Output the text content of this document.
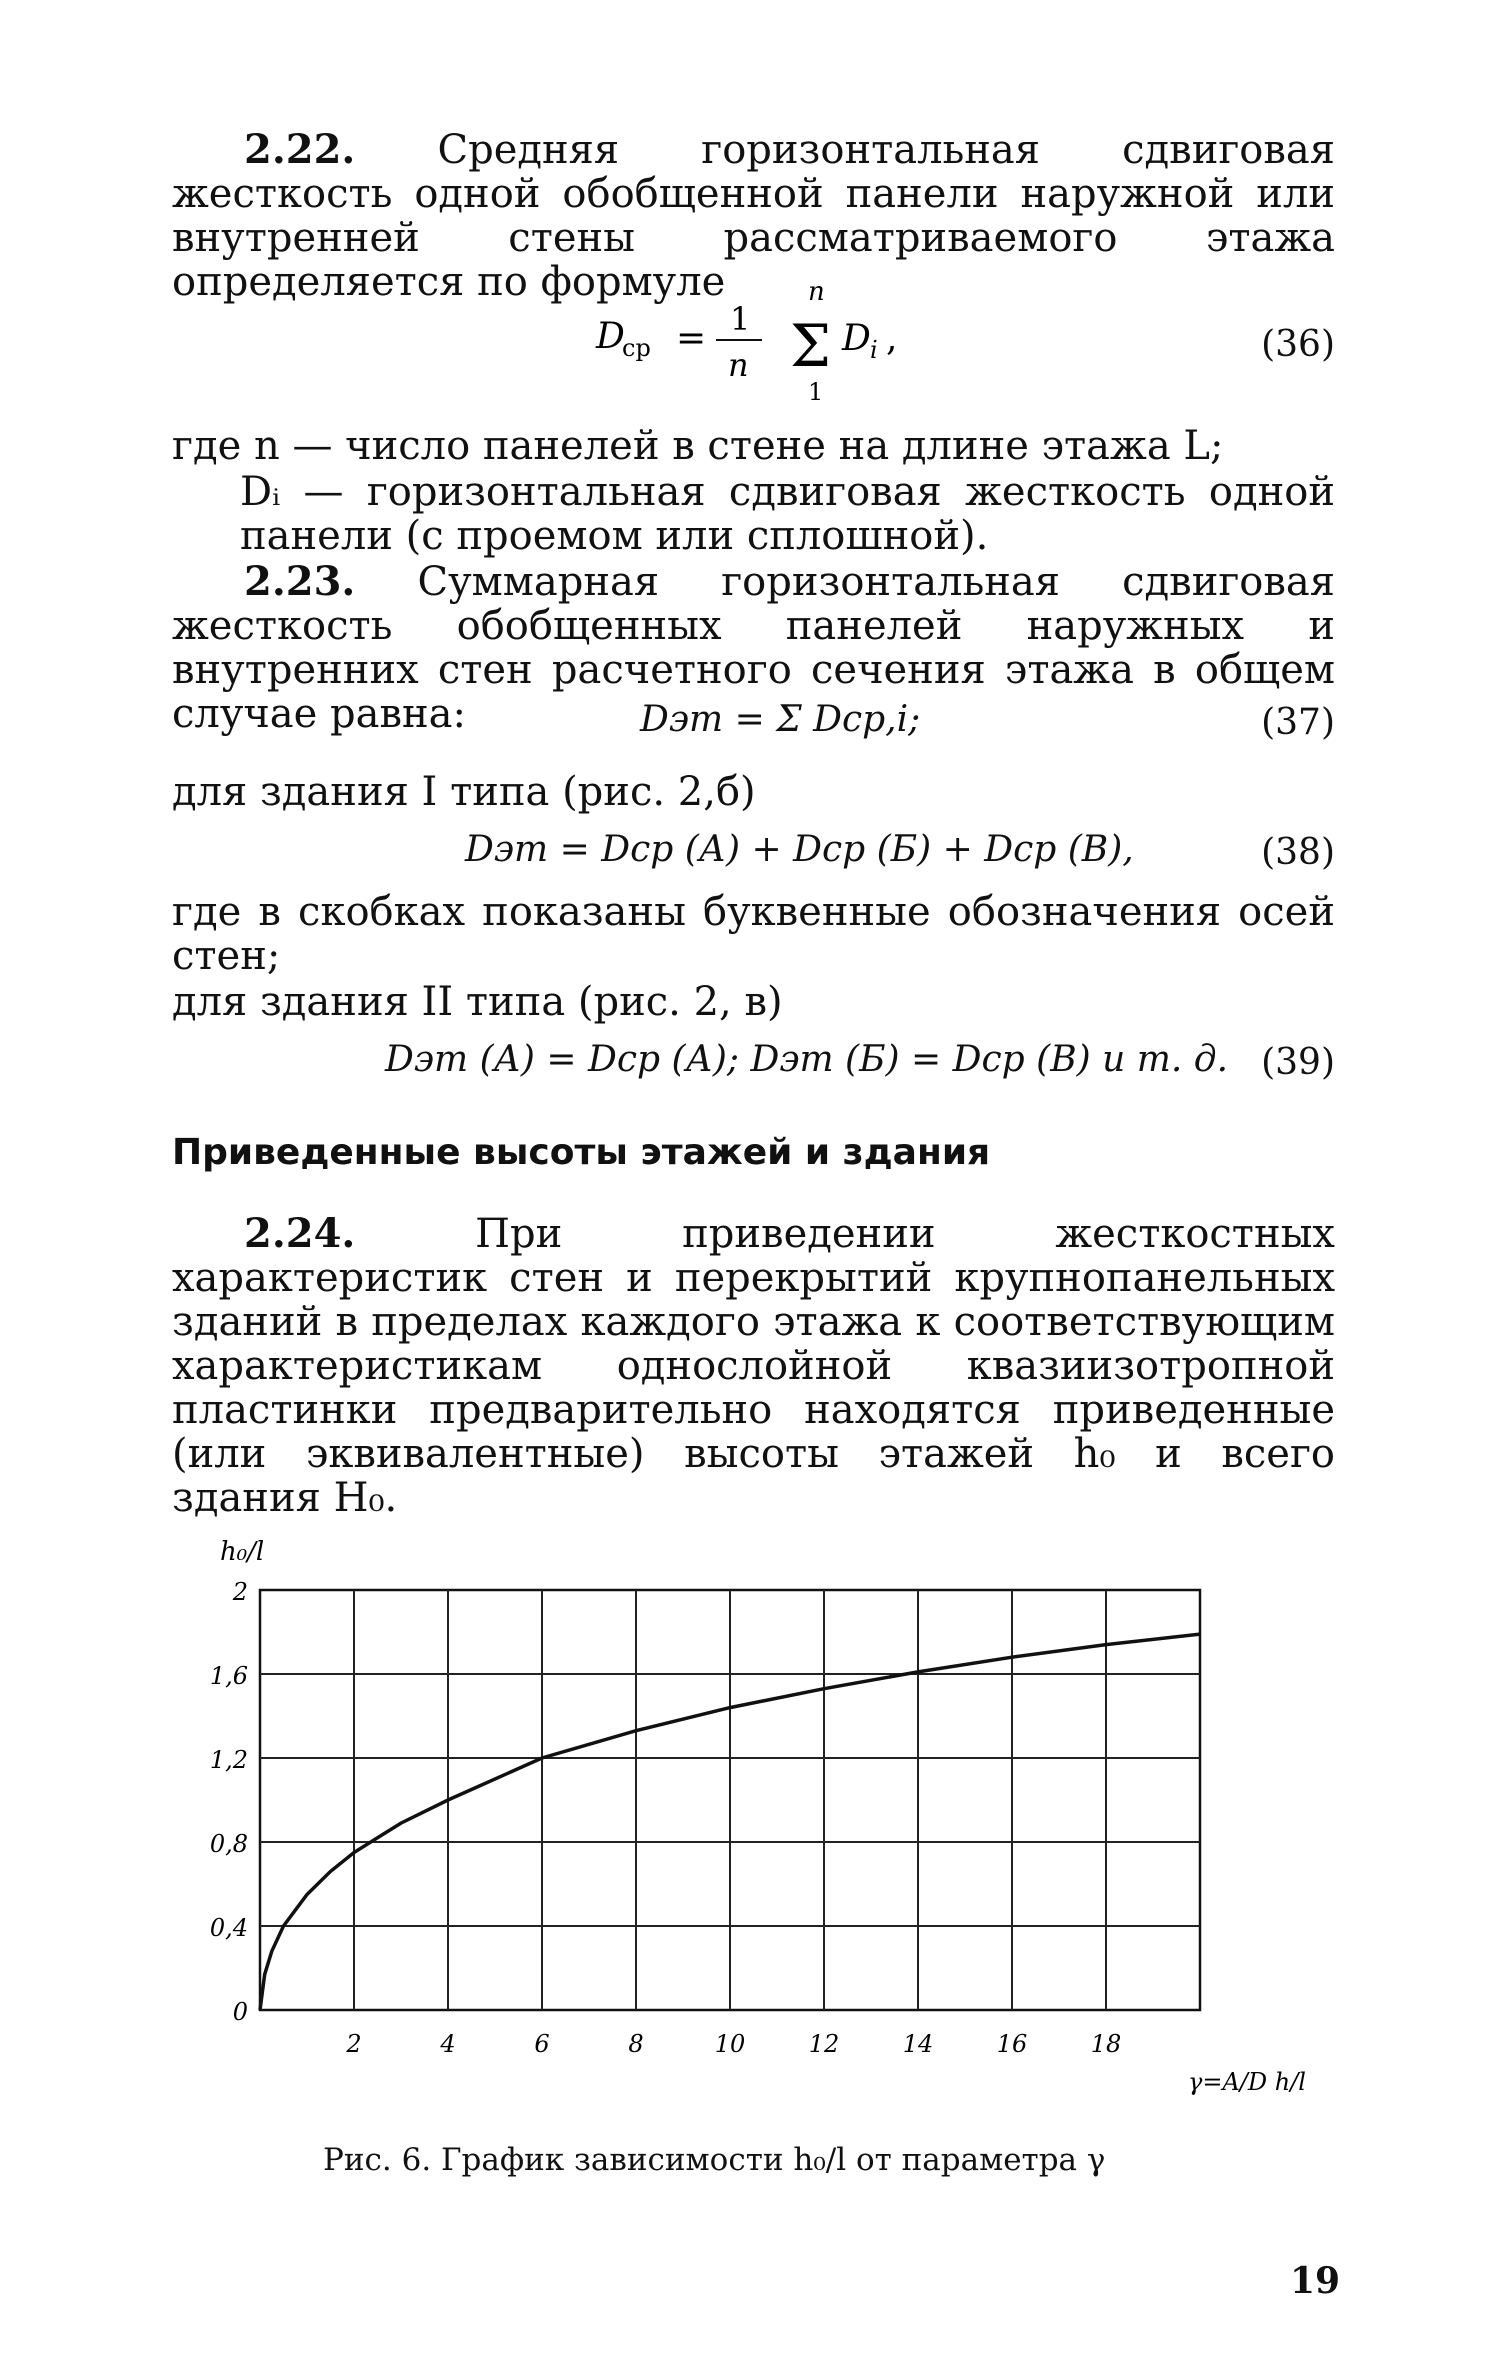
2.22. Средняя горизонтальная сдвиговая жесткость одной обобщенной панели наружной или внутренней стены рассматриваемого этажа определяется по формуле

D
ср = 1
n
n
Σ
1
D i ,	(36)

где n — число панелей в стене на длине этажа L;

Dᵢ — горизонтальная сдвиговая жесткость одной панели (с проемом или сплошной).

2.23. Суммарная горизонтальная сдвиговая жесткость обобщенных панелей наружных и внутренних стен расчетного сечения этажа в общем случае равна:	Dэт = Σ Dср,i;	(37)

для здания I типа (рис. 2,б)

Dэт = Dср (А) + Dср (Б) + Dср (В),	(38)

где в скобках показаны буквенные обозначения осей стен;

для здания II типа (рис. 2, в)

Dэт (А) = Dср (А); Dэт (Б) = Dср (В) и т. д. (39)
Приведенные высоты этажей и здания

2.24.	При приведении жесткостных характеристик стен и перекрытий крупнопанельных зданий в пределах каждого этажа к соответствующим характеристикам однослойной квазиизотропной пластинки предварительно находятся приведенные (или эквивалентные) высоты этажей h₀ и всего здания H₀.

0
0,4
0,8
1,2
1,6
2
2	4	6	8	10	12	14	16	18
h₀/l
γ=A/D h/l
Рис. 6. График зависимости h₀/l от параметра γ
19
